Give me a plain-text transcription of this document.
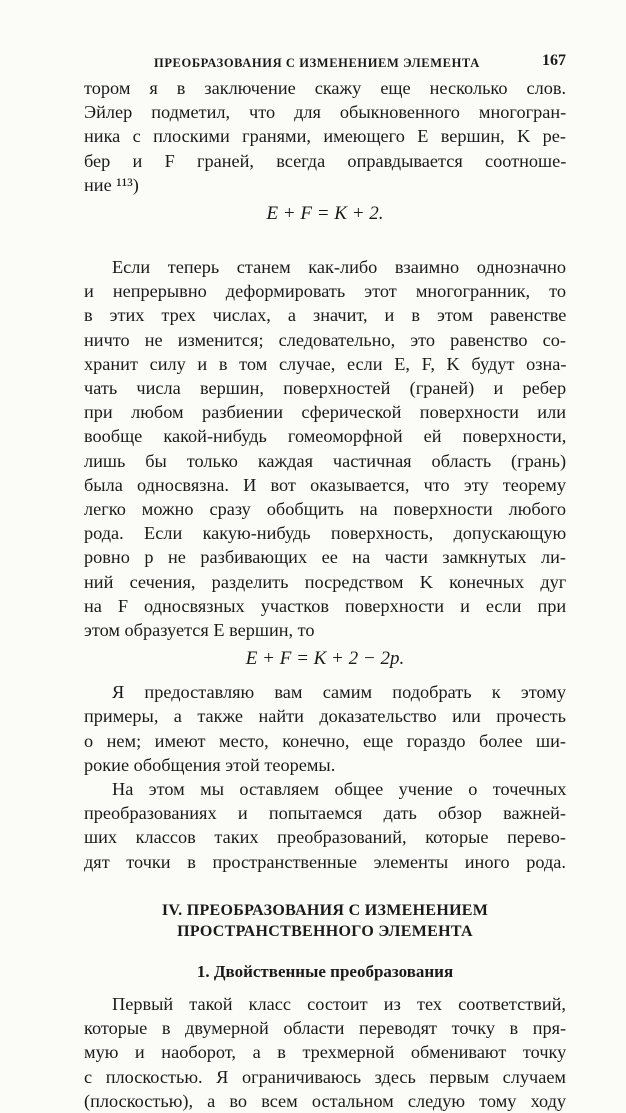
ПРЕОБРАЗОВАНИЯ С ИЗМЕНЕНИЕМ ЭЛЕМЕНТА	167
тором я в заключение скажу еще несколько слов.
Эйлер подметил, что для обыкновенного многогран-
ника с плоскими гранями, имеющего E вершин, K ре-
бер и F граней, всегда оправдывается соотноше-
ние ¹¹³)
E + F = K + 2.
Если теперь станем как-либо взаимно однозначно
и непрерывно деформировать этот многогранник, то
в этих трех числах, а значит, и в этом равенстве
ничто не изменится; следовательно, это равенство со-
хранит силу и в том случае, если E, F, K будут озна-
чать числа вершин, поверхностей (граней) и ребер
при любом разбиении сферической поверхности или
вообще какой-нибудь гомеоморфной ей поверхности,
лишь бы только каждая частичная область (грань)
была односвязна. И вот оказывается, что эту теорему
легко можно сразу обобщить на поверхности любого
рода. Если какую-нибудь поверхность, допускающую
ровно p не разбивающих ее на части замкнутых ли-
ний сечения, разделить посредством K конечных дуг
на F односвязных участков поверхности и если при
этом образуется E вершин, то
E + F = K + 2 − 2p.
Я предоставляю вам самим подобрать к этому
примеры, а также найти доказательство или прочесть
о нем; имеют место, конечно, еще гораздо более ши-
рокие обобщения этой теоремы.
На этом мы оставляем общее учение о точечных
преобразованиях и попытаемся дать обзор важней-
ших классов таких преобразований, которые перево-
дят точки в пространственные элементы иного рода.
IV. ПРЕОБРАЗОВАНИЯ С ИЗМЕНЕНИЕМ
ПРОСТРАНСТВЕННОГО ЭЛЕМЕНТА
1. Двойственные преобразования
Первый такой класс состоит из тех соответствий,
которые в двумерной области переводят точку в пря-
мую и наоборот, а в трехмерной обменивают точку
с плоскостью. Я ограничиваюсь здесь первым случаем
(плоскостью), а во всем остальном следую тому ходу
